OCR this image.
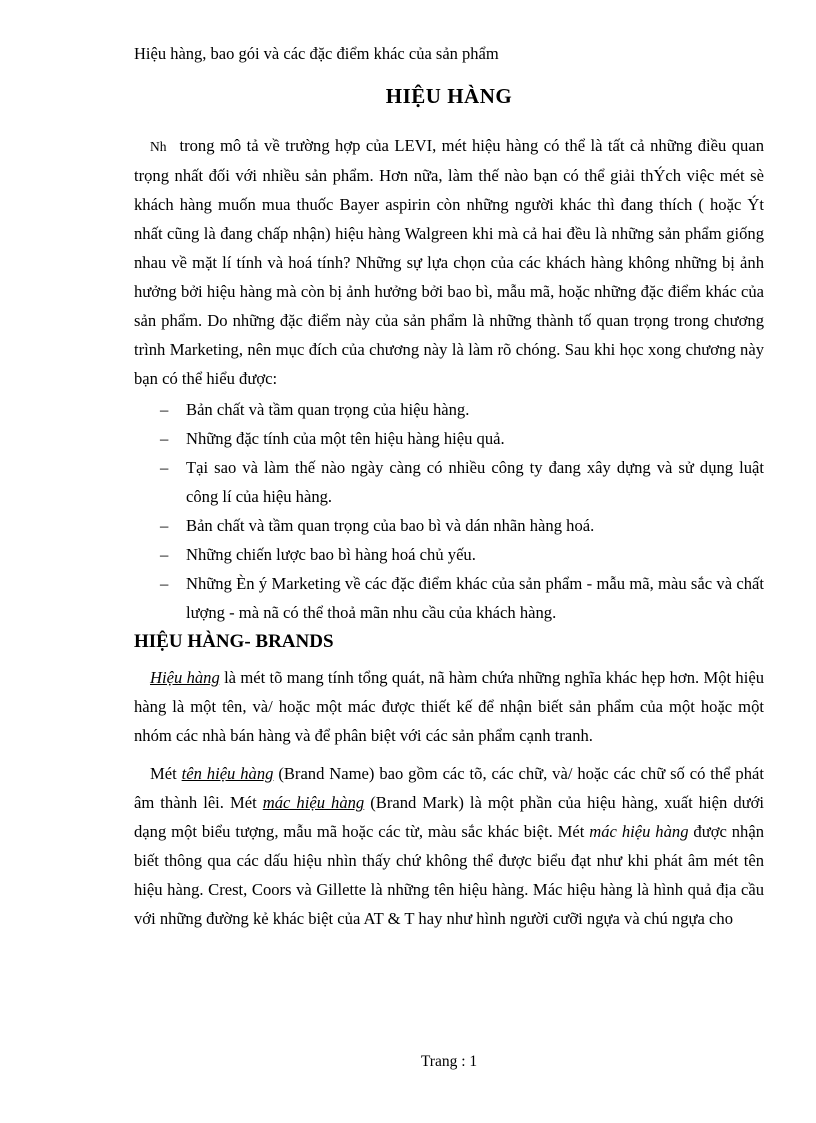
Hiệu hàng, bao gói và các đặc điểm khác của sản phẩm
HIỆU HÀNG

Nh trong mô tả về trường hợp của LEVI, mét hiệu hàng có thể là tất cả những điều quan trọng nhất đối với nhiều sản phẩm. Hơn nữa, làm thế nào bạn có thể giải thÝch việc mét sè khách hàng muốn mua thuốc Bayer aspirin còn những người khác thì đang thích ( hoặc Ýt nhất cũng là đang chấp nhận) hiệu hàng Walgreen khi mà cả hai đều là những sản phẩm giống nhau về mặt lí tính và hoá tính? Những sự lựa chọn của các khách hàng không những bị ảnh hưởng bởi hiệu hàng mà còn bị ảnh hưởng bởi bao bì, mẫu mã, hoặc những đặc điểm khác của sản phẩm. Do những đặc điểm này của sản phẩm là những thành tố quan trọng trong chương trình Marketing, nên mục đích của chương này là làm rõ chóng. Sau khi học xong chương này bạn có thể hiểu được:

– Bản chất và tầm quan trọng của hiệu hàng.
– Những đặc tính của một tên hiệu hàng hiệu quả.
– Tại sao và làm thế nào ngày càng có nhiều công ty đang xây dựng và sử dụng luật công lí của hiệu hàng.
– Bản chất và tầm quan trọng của bao bì và dán nhãn hàng hoá.
– Những chiến lược bao bì hàng hoá chủ yếu.
– Những Èn ý Marketing về các đặc điểm khác của sản phẩm - mẫu mã, màu sắc và chất lượng - mà nã có thể thoả mãn nhu cầu của khách hàng.
HIỆU HÀNG- BRANDS

Hiệu hàng là mét tõ mang tính tổng quát, nã hàm chứa những nghĩa khác hẹp hơn. Một hiệu hàng là một tên, và/ hoặc một mác được thiết kế để nhận biết sản phẩm của một hoặc một nhóm các nhà bán hàng và để phân biệt với các sản phẩm cạnh tranh.

Mét tên hiệu hàng (Brand Name) bao gồm các tõ, các chữ, và/ hoặc các chữ số có thể phát âm thành lêi. Mét mác hiệu hàng (Brand Mark) là một phần của hiệu hàng, xuất hiện dưới dạng một biểu tượng, mẫu mã hoặc các từ, màu sắc khác biệt. Mét mác hiệu hàng được nhận biết thông qua các dấu hiệu nhìn thấy chứ không thể được biểu đạt như khi phát âm mét tên hiệu hàng. Crest, Coors và Gillette là những tên hiệu hàng. Mác hiệu hàng là hình quả địa cầu với những đường kẻ khác biệt của AT & T hay như hình người cưỡi ngựa và chú ngựa cho

Trang : 1
